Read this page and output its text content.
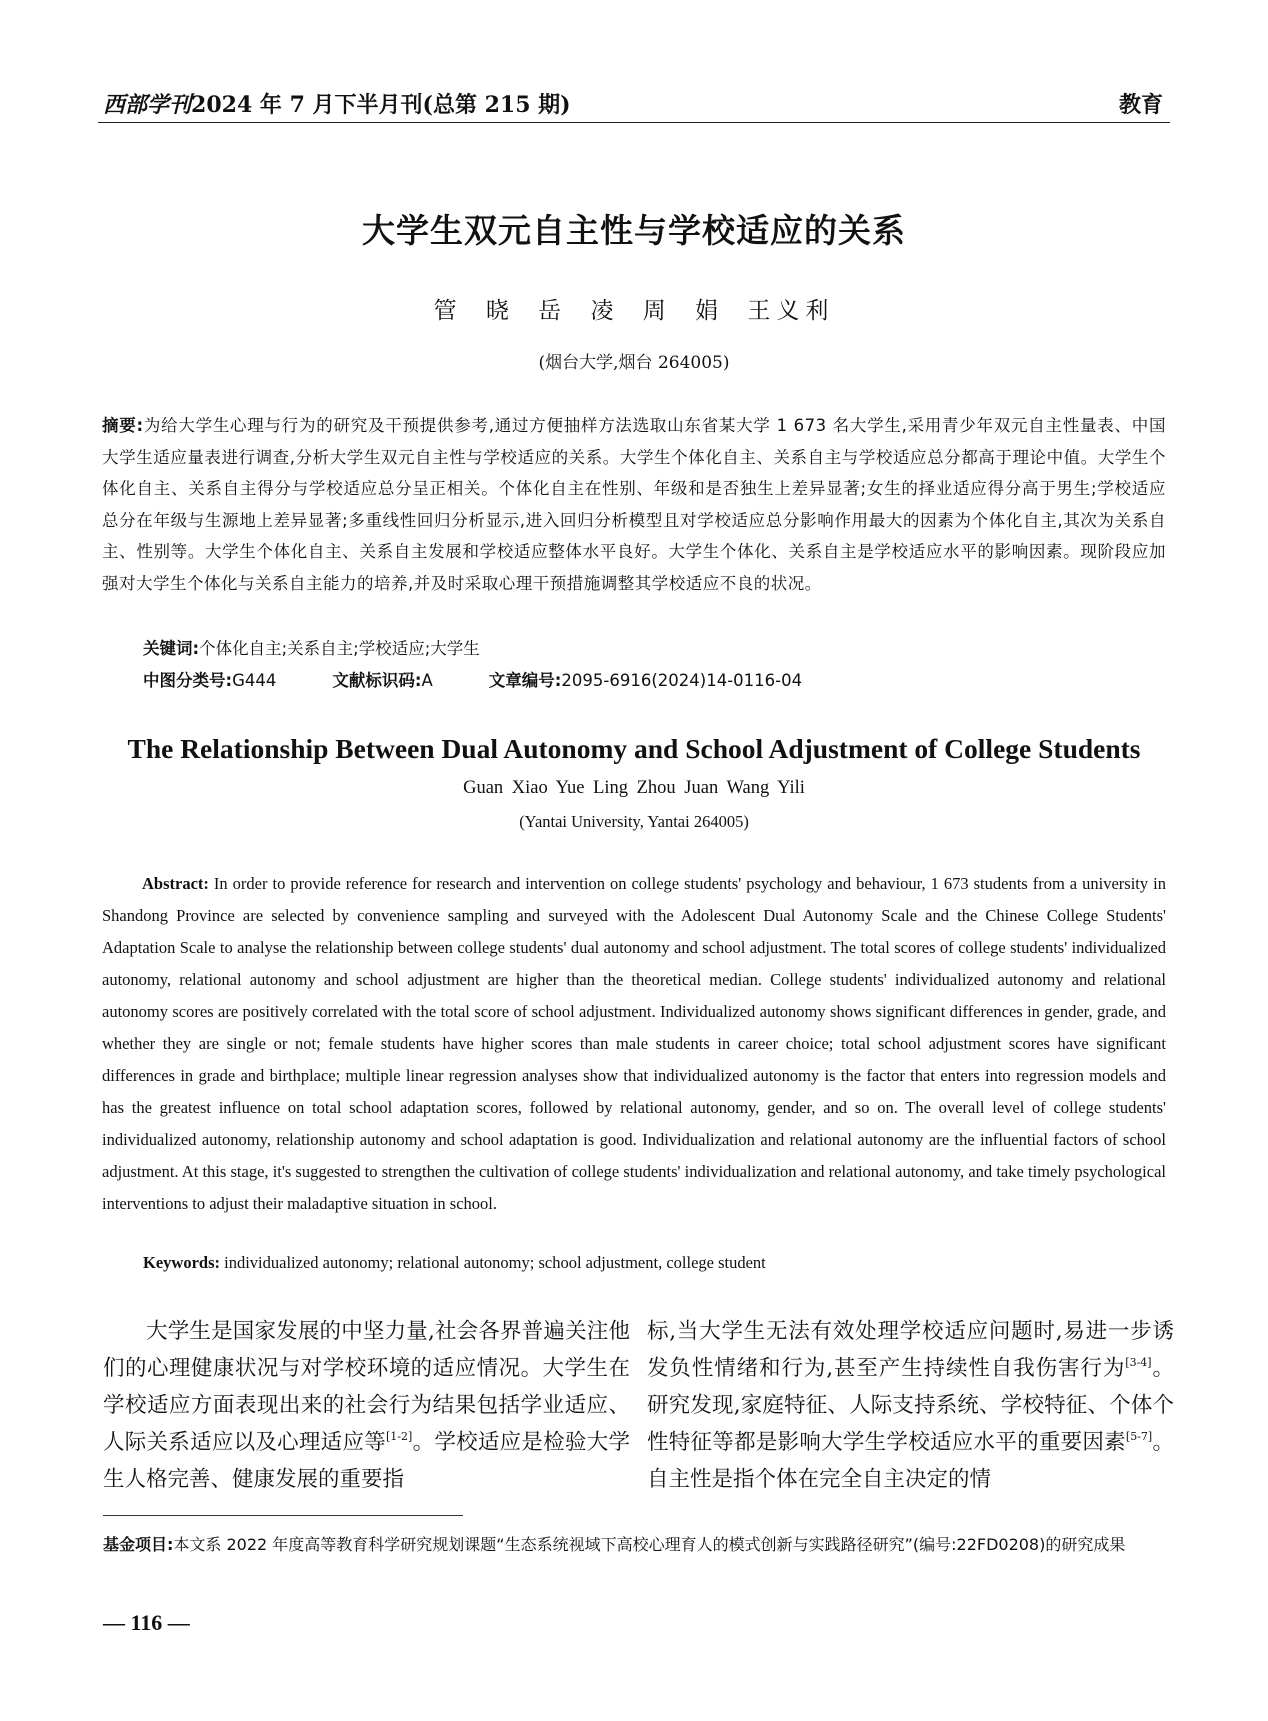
西部学刊2024 年 7 月下半月刊(总第 215 期)	教育
大学生双元自主性与学校适应的关系
管 晓 岳 凌 周 娟 王义利
(烟台大学,烟台 264005)
摘要:为给大学生心理与行为的研究及干预提供参考,通过方便抽样方法选取山东省某大学 1 673 名大学生,采用青少年双元自主性量表、中国大学生适应量表进行调查,分析大学生双元自主性与学校适应的关系。大学生个体化自主、关系自主与学校适应总分都高于理论中值。大学生个体化自主、关系自主得分与学校适应总分呈正相关。个体化自主在性别、年级和是否独生上差异显著;女生的择业适应得分高于男生;学校适应总分在年级与生源地上差异显著;多重线性回归分析显示,进入回归分析模型且对学校适应总分影响作用最大的因素为个体化自主,其次为关系自主、性别等。大学生个体化自主、关系自主发展和学校适应整体水平良好。大学生个体化、关系自主是学校适应水平的影响因素。现阶段应加强对大学生个体化与关系自主能力的培养,并及时采取心理干预措施调整其学校适应不良的状况。
关键词:个体化自主;关系自主;学校适应;大学生
中图分类号:G444	文献标识码:A	文章编号:2095-6916(2024)14-0116-04
The Relationship Between Dual Autonomy and School Adjustment of College Students
Guan Xiao Yue Ling Zhou Juan Wang Yili
(Yantai University, Yantai 264005)
Abstract: In order to provide reference for research and intervention on college students' psychology and behaviour, 1 673 students from a university in Shandong Province are selected by convenience sampling and surveyed with the Adolescent Dual Autonomy Scale and the Chinese College Students' Adaptation Scale to analyse the relationship between college students' dual autonomy and school adjustment. The total scores of college students' individualized autonomy, relational autonomy and school adjustment are higher than the theoretical median. College students' individualized autonomy and relational autonomy scores are positively correlated with the total score of school adjustment. Individualized autonomy shows significant differences in gender, grade, and whether they are single or not; female students have higher scores than male students in career choice; total school adjustment scores have significant differences in grade and birthplace; multiple linear regression analyses show that individualized autonomy is the factor that enters into regression models and has the greatest influence on total school adaptation scores, followed by relational autonomy, gender, and so on. The overall level of college students' individualized autonomy, relationship autonomy and school adaptation is good. Individualization and relational autonomy are the influential factors of school adjustment. At this stage, it's suggested to strengthen the cultivation of college students' individualization and relational autonomy, and take timely psychological interventions to adjust their maladaptive situation in school.
Keywords: individualized autonomy; relational autonomy; school adjustment, college student
大学生是国家发展的中坚力量,社会各界普遍关注他们的心理健康状况与对学校环境的适应情况。大学生在学校适应方面表现出来的社会行为结果包括学业适应、人际关系适应以及心理适应等[1-2]。学校适应是检验大学生人格完善、健康发展的重要指
标,当大学生无法有效处理学校适应问题时,易进一步诱发负性情绪和行为,甚至产生持续性自我伤害行为[3-4]。研究发现,家庭特征、人际支持系统、学校特征、个体个性特征等都是影响大学生学校适应水平的重要因素[5-7]。自主性是指个体在完全自主决定的情
基金项目:本文系 2022 年度高等教育科学研究规划课题“生态系统视域下高校心理育人的模式创新与实践路径研究”(编号:22FD0208)的研究成果
— 116 —
